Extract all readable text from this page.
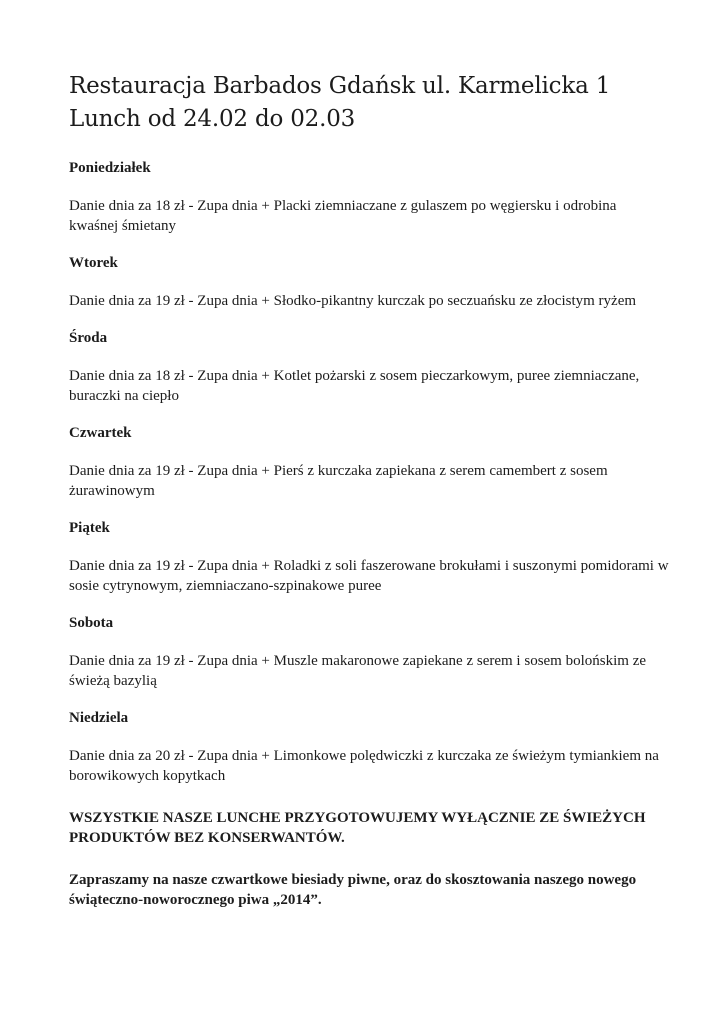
Restauracja Barbados Gdańsk ul. Karmelicka 1
Lunch od 24.02 do 02.03

Poniedziałek

Danie dnia za 18 zł - Zupa dnia + Placki ziemniaczane z gulaszem po węgiersku i odrobina kwaśnej śmietany

Wtorek

Danie dnia za 19 zł - Zupa dnia + Słodko-pikantny kurczak po seczuańsku ze złocistym ryżem

Środa

Danie dnia za 18 zł - Zupa dnia + Kotlet pożarski z sosem pieczarkowym, puree ziemniaczane, buraczki na ciepło

Czwartek

Danie dnia za 19 zł - Zupa dnia + Pierś z kurczaka zapiekana z serem camembert z sosem żurawinowym

Piątek

Danie dnia za 19 zł - Zupa dnia + Roladki z soli faszerowane brokułami i suszonymi pomidorami w sosie cytrynowym, ziemniaczano-szpinakowe puree

Sobota

Danie dnia za 19 zł - Zupa dnia + Muszle makaronowe zapiekane z serem i sosem bolońskim ze świeżą bazylią

Niedziela

Danie dnia za 20 zł - Zupa dnia + Limonkowe polędwiczki z kurczaka ze świeżym tymiankiem na borowikowych kopytkach

WSZYSTKIE NASZE LUNCHE PRZYGOTOWUJEMY WYŁĄCZNIE ZE ŚWIEŻYCH PRODUKTÓW BEZ KONSERWANTÓW.

Zapraszamy na nasze czwartkowe biesiady piwne, oraz do skosztowania naszego nowego świąteczno-noworocznego piwa „2014”.
